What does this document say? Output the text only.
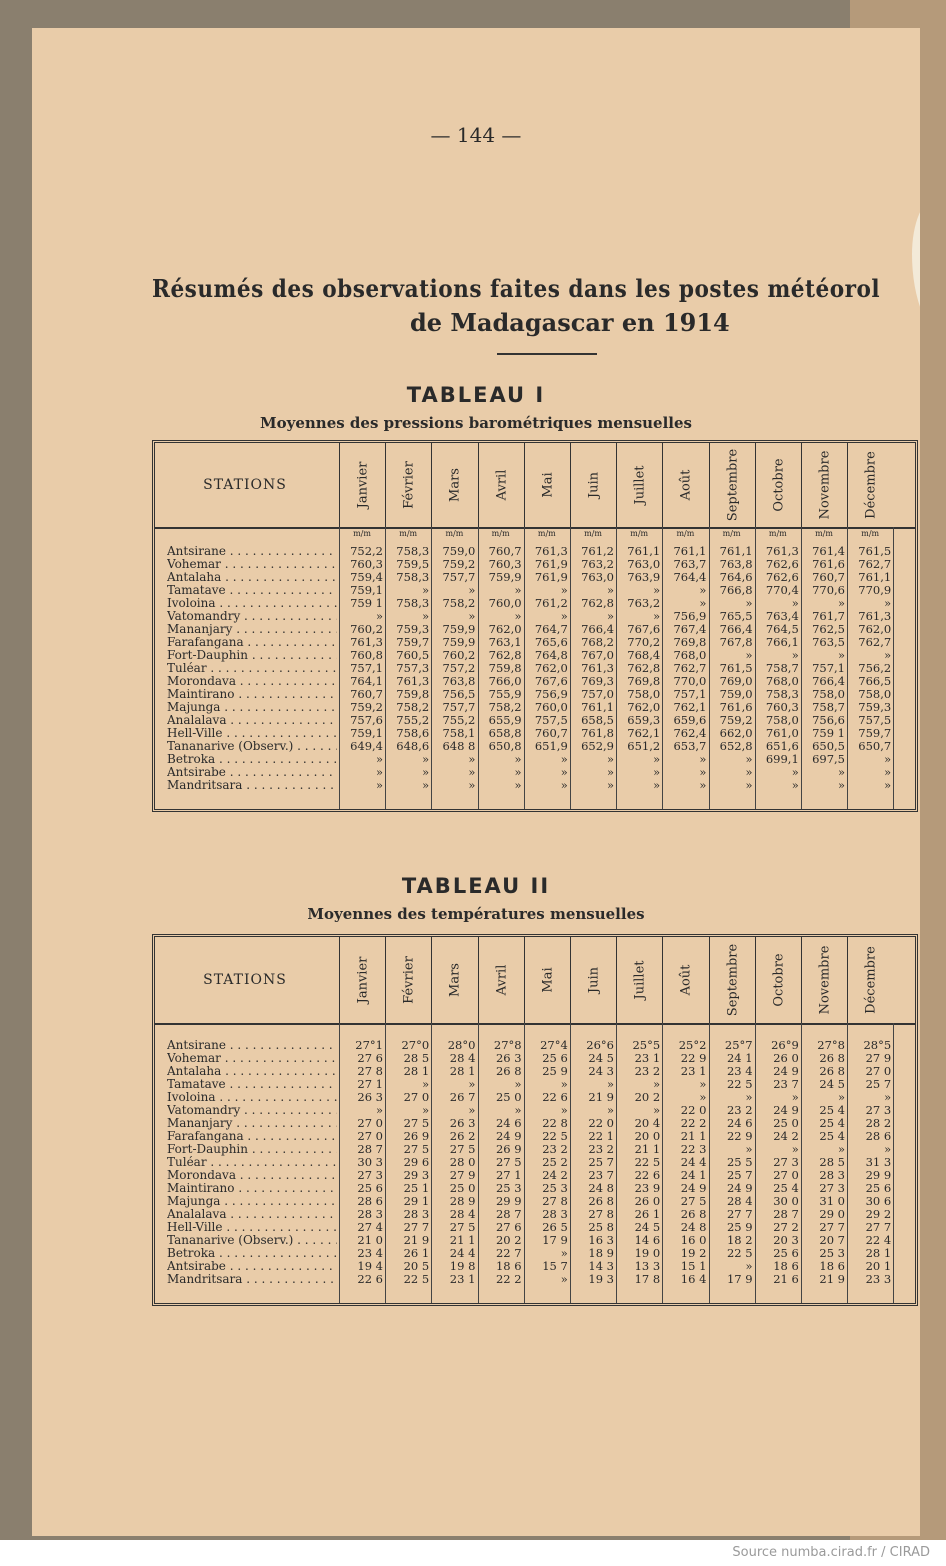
— 144 —
Résumés des observations faites dans les postes météorol
de Madagascar en 1914
TABLEAU I
Moyennes des pressions barométriques mensuelles
STATIONS	Janvier Février Mars Avril Mai Juin Juillet Août Septembre Octobre Novembre Décembre
m/m	m/m	m/m	m/m	m/m	m/m	m/m	m/m	m/m	m/m	m/m	m/m
Antsirane . . .	752,2	758,3	759,0	760,7	761,3	761,2	761,1	761,1	761,1	761,3	761,4	761,5
Vohemar . . .	760,3	759,5	759,2	760,3	761,9	763,2	763,0	763,7	763,8	762,6	761,6	762,7
Antalaha . . .	759,4	758,3	757,7	759,9	761,9	763,0	763,9	764,4	764,6	762,6	760,7	761,1
Tamatave . . .	759,1	»	»	»	»	»	»	»	766,8	770,4	770,6	770,9
Ivoloina . . .	759 1	758,3	758,2	760,0	761,2	762,8	763,2	»	»	»	»	»
Vatomandry . . .	»	»	»	»	»	»	»	756,9	765,5	763,4	761,7	761,3
Mananjary . . .	760,2	759,3	759,9	762,0	764,7	766,4	767,6	767,4	766,4	764,5	762,5	762,0
Farafangana . . .	761,3	759,7	759,9	763,1	765,6	768,2	770,2	769,8	767,8	766,1	763,5	762,7
Fort-Dauphin . . .	760,8	760,5	760,2	762,8	764,8	767,0	768,4	768,0	»	»	»	»
Tuléar . . .	757,1	757,3	757,2	759,8	762,0	761,3	762,8	762,7	761,5	758,7	757,1	756,2
Morondava . . .	764,1	761,3	763,8	766,0	767,6	769,3	769,8	770,0	769,0	768,0	766,4	766,5
Maintirano . . .	760,7	759,8	756,5	755,9	756,9	757,0	758,0	757,1	759,0	758,3	758,0	758,0
Majunga . . .	759,2	758,2	757,7	758,2	760,0	761,1	762,0	762,1	761,6	760,3	758,7	759,3
Analalava . . .	757,6	755,2	755,2	655,9	757,5	658,5	659,3	659,6	759,2	758,0	756,6	757,5
Hell-Ville . . .	759,1	758,6	758,1	658,8	760,7	761,8	762,1	762,4	662,0	761,0	759 1	759,7
Tananarive (Observ.) . . .	649,4	648,6	648 8	650,8	651,9	652,9	651,2	653,7	652,8	651,6	650,5	650,7
Betroka . . .	»	»	»	»	»	»	»	»	»	699,1	697,5	»
Antsirabe . . .	»	»	»	»	»	»	»	»	»	»	»	»
Mandritsara . . .	»	»	»	»	»	»	»	»	»	»	»	»
TABLEAU II
Moyennes des températures mensuelles
STATIONS	Janvier Février Mars Avril Mai Juin Juillet Août Septembre Octobre Novembre Décembre
Antsirane . . .	27°1	27°0	28°0	27°8	27°4	26°6	25°5	25°2	25°7	26°9	27°8	28°5
Vohemar . . .	27 6	28 5	28 4	26 3	25 6	24 5	23 1	22 9	24 1	26 0	26 8	27 9
Antalaha . . .	27 8	28 1	28 1	26 8	25 9	24 3	23 2	23 1	23 4	24 9	26 8	27 0
Tamatave . . .	27 1	»	»	»	»	»	»	»	22 5	23 7	24 5	25 7
Ivoloina . . .	26 3	27 0	26 7	25 0	22 6	21 9	20 2	»	»	»	»	»
Vatomandry . . .	»	»	»	»	»	»	»	22 0	23 2	24 9	25 4	27 3
Mananjary . . .	27 0	27 5	26 3	24 6	22 8	22 0	20 4	22 2	24 6	25 0	25 4	28 2
Farafangana . . .	27 0	26 9	26 2	24 9	22 5	22 1	20 0	21 1	22 9	24 2	25 4	28 6
Fort-Dauphin . . .	28 7	27 5	27 5	26 9	23 2	23 2	21 1	22 3	»	»	»	»
Tuléar . . .	30 3	29 6	28 0	27 5	25 2	25 7	22 5	24 4	25 5	27 3	28 5	31 3
Morondava . . .	27 3	29 3	27 9	27 1	24 2	23 7	22 6	24 1	25 7	27 0	28 3	29 9
Maintirano . . .	25 6	25 1	25 0	25 3	25 3	24 8	23 9	24 9	24 9	25 4	27 3	25 6
Majunga . . .	28 6	29 1	28 9	29 9	27 8	26 8	26 0	27 5	28 4	30 0	31 0	30 6
Analalava . . .	28 3	28 3	28 4	28 7	28 3	27 8	26 1	26 8	27 7	28 7	29 0	29 2
Hell-Ville . . .	27 4	27 7	27 5	27 6	26 5	25 8	24 5	24 8	25 9	27 2	27 7	27 7
Tananarive (Observ.) . . .	21 0	21 9	21 1	20 2	17 9	16 3	14 6	16 0	18 2	20 3	20 7	22 4
Betroka . . .	23 4	26 1	24 4	22 7	»	18 9	19 0	19 2	22 5	25 6	25 3	28 1
Antsirabe . . .	19 4	20 5	19 8	18 6	15 7	14 3	13 3	15 1	»	18 6	18 6	20 1
Mandritsara . . .	22 6	22 5	23 1	22 2	»	19 3	17 8	16 4	17 9	21 6	21 9	23 3
Source numba.cirad.fr / CIRAD
